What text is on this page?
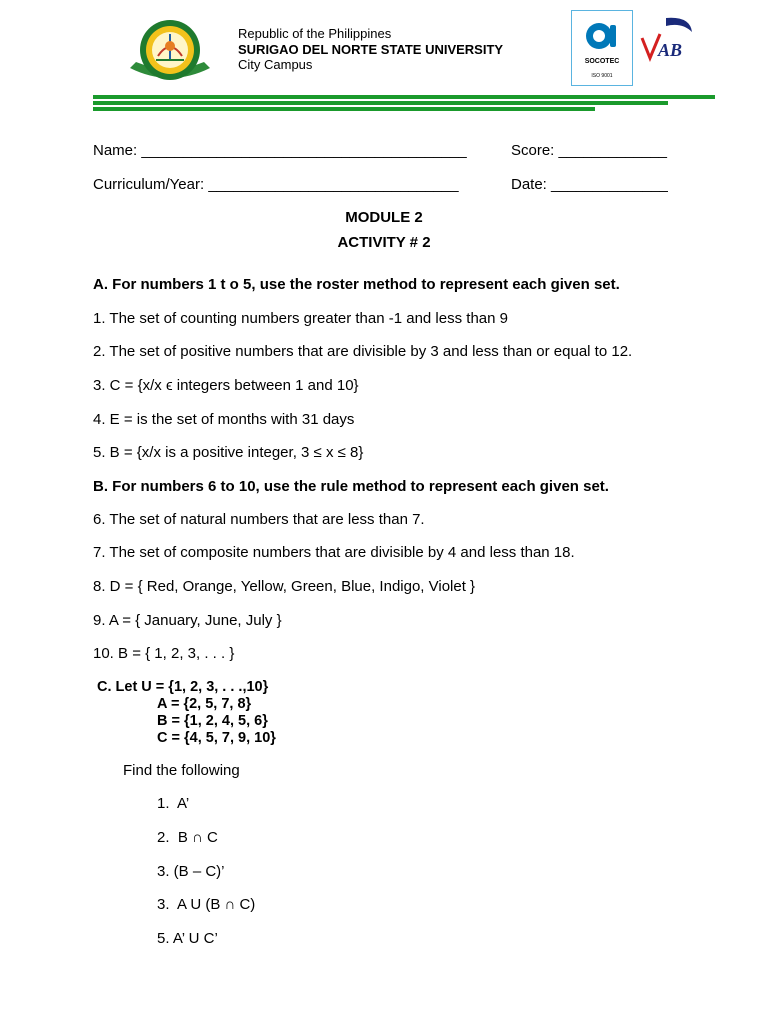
Republic of the Philippines
SURIGAO DEL NORTE STATE UNIVERSITY
City Campus	SOCOTEC
ISO 9001
AB
Name: _______________________________________	Score: _____________
Curriculum/Year: ______________________________	Date: ______________
MODULE 2
ACTIVITY # 2
A. For numbers 1 t o 5, use the roster method to represent each given set.
1. The set of counting numbers greater than -1 and less than 9
2. The set of positive numbers that are divisible by 3 and less than or equal to 12.
3. C = {x/x ϵ integers between 1 and 10}
4. E = is the set of months with 31 days
5. B = {x/x is a positive integer, 3 ≤ x ≤ 8}
B. For numbers 6 to 10, use the rule method to represent each given set.
6. The set of natural numbers that are less than 7.
7. The set of composite numbers that are divisible by 4 and less than 18.
8. D = { Red, Orange, Yellow, Green, Blue, Indigo, Violet }
9. A = { January, June, July }
10. B = { 1, 2, 3, . . . }
C. Let U = {1, 2, 3, . . .,10}
A = {2, 5, 7, 8}
B = {1, 2, 4, 5, 6}
C = {4, 5, 7, 9, 10}
Find the following
1.  A’
2.  B ∩ C
3. (B – C)’
3.  A U (B ∩ C)
5. A’ U C’
